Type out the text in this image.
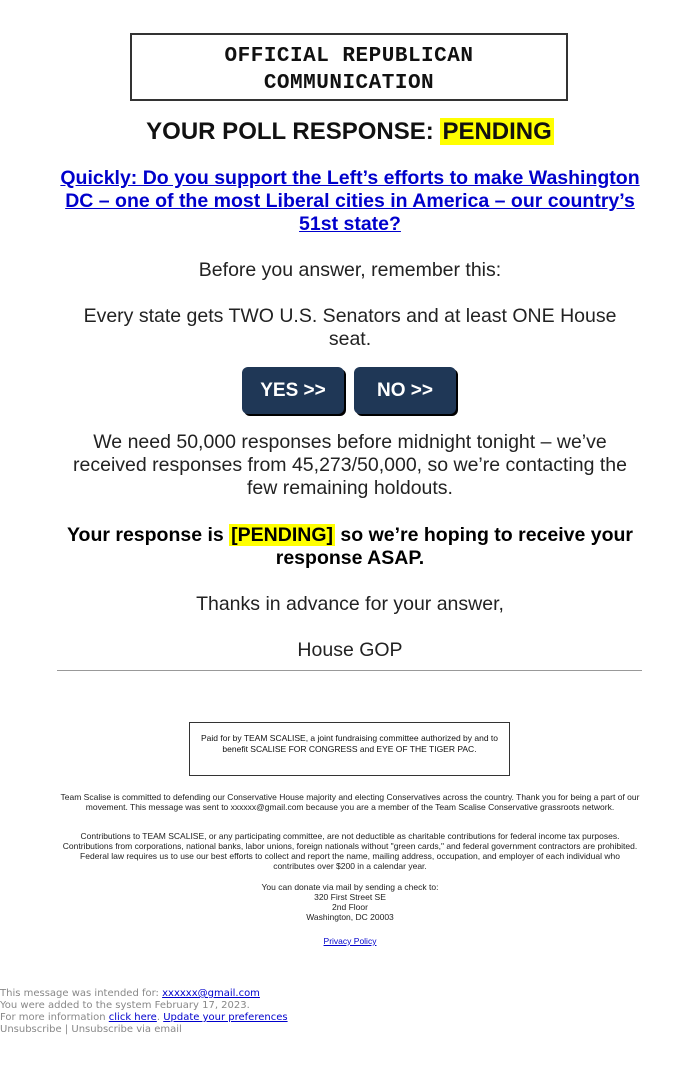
OFFICIAL REPUBLICAN
COMMUNICATION
YOUR POLL RESPONSE: PENDING
Quickly: Do you support the Left’s efforts to make Washington DC – one of the most Liberal cities in America – our country’s 51st state?
Before you answer, remember this:
Every state gets TWO U.S. Senators and at least ONE House seat.
YES >>	NO >>
We need 50,000 responses before midnight tonight – we’ve received responses from 45,273/50,000, so we’re contacting the few remaining holdouts.
Your response is [PENDING] so we’re hoping to receive your response ASAP.
Thanks in advance for your answer,
House GOP
Paid for by TEAM SCALISE, a joint fundraising committee authorized by and to benefit SCALISE FOR CONGRESS and EYE OF THE TIGER PAC.
Team Scalise is committed to defending our Conservative House majority and electing Conservatives across the country. Thank you for being a part of our movement. This message was sent to xxxxxx@gmail.com because you are a member of the Team Scalise Conservative grassroots network.
Contributions to TEAM SCALISE, or any participating committee, are not deductible as charitable contributions for federal income tax purposes. Contributions from corporations, national banks, labor unions, foreign nationals without "green cards," and federal government contractors are prohibited. Federal law requires us to use our best efforts to collect and report the name, mailing address, occupation, and employer of each individual who contributes over $200 in a calendar year.
You can donate via mail by sending a check to:
320 First Street SE
2nd Floor
Washington, DC 20003
Privacy Policy
This message was intended for: xxxxxx@gmail.com
You were added to the system February 17, 2023.
For more information click here. Update your preferences
Unsubscribe | Unsubscribe via email
